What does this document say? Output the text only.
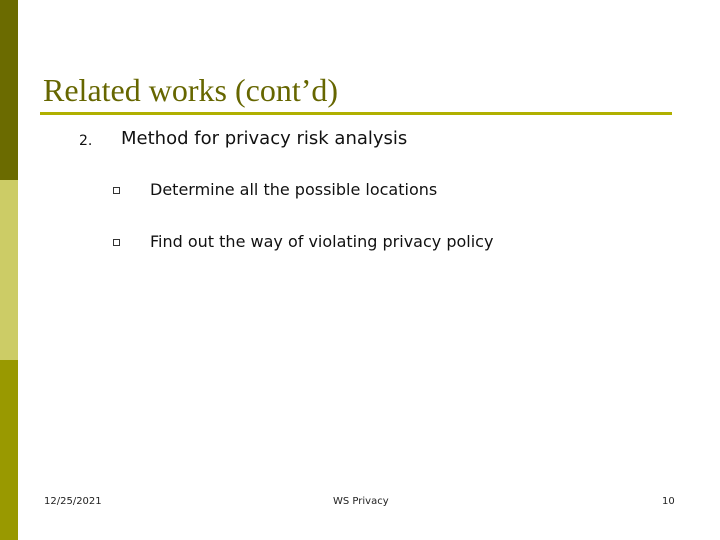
Related works (cont’d)
2. Method for privacy risk analysis
Determine all the possible locations
Find out the way of violating privacy policy
12/25/2021	WS Privacy	10
